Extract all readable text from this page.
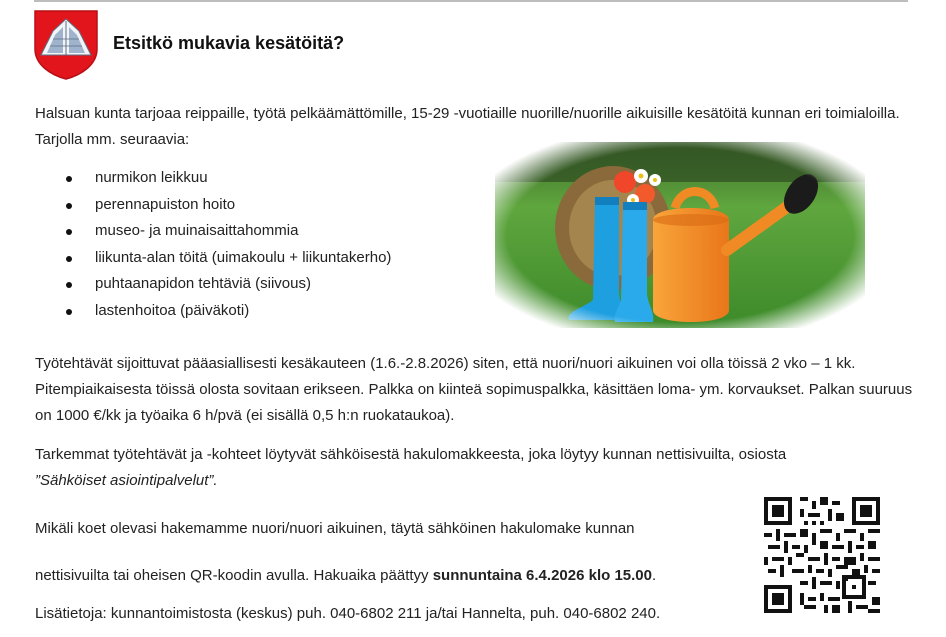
Etsitkö mukavia kesätöitä?

Halsuan kunta tarjoaa reippaille, työtä pelkäämättömille, 15-29 -vuotiaille nuorille/nuorille aikuisille kesätöitä kunnan eri toimialoilla. Tarjolla mm. seuraavia:

nurmikon leikkuu
perennapuiston hoito
museo- ja muinaisaittahommia
liikunta-alan töitä (uimakoulu + liikuntakerho)
puhtaanapidon tehtäviä (siivous)
lastenhoitoa (päiväkoti)

Työtehtävät sijoittuvat pääasiallisesti kesäkauteen (1.6.-2.8.2026) siten, että nuori/nuori aikuinen voi olla töissä 2 vko – 1 kk. Pitempiaikaisesta töissä olosta sovitaan erikseen. Palkka on kiinteä sopimuspalkka, käsittäen loma- ym. korvaukset. Palkan suuruus on 1000 €/kk ja työaika 6 h/pvä (ei sisällä 0,5 h:n ruokataukoa).

Tarkemmat työtehtävät ja -kohteet löytyvät sähköisestä hakulomakkeesta, joka löytyy kunnan nettisivuilta, osiosta
”Sähköiset asiointipalvelut”.

Mikäli koet olevasi hakemamme nuori/nuori aikuinen, täytä sähköinen hakulomake kunnan

nettisivuilta tai oheisen QR-koodin avulla. Hakuaika päättyy sunnuntaina 6.4.2026 klo 15.00.

Lisätietoja: kunnantoimistosta (keskus) puh. 040-6802 211 ja/tai Hannelta, puh. 040-6802 240.
